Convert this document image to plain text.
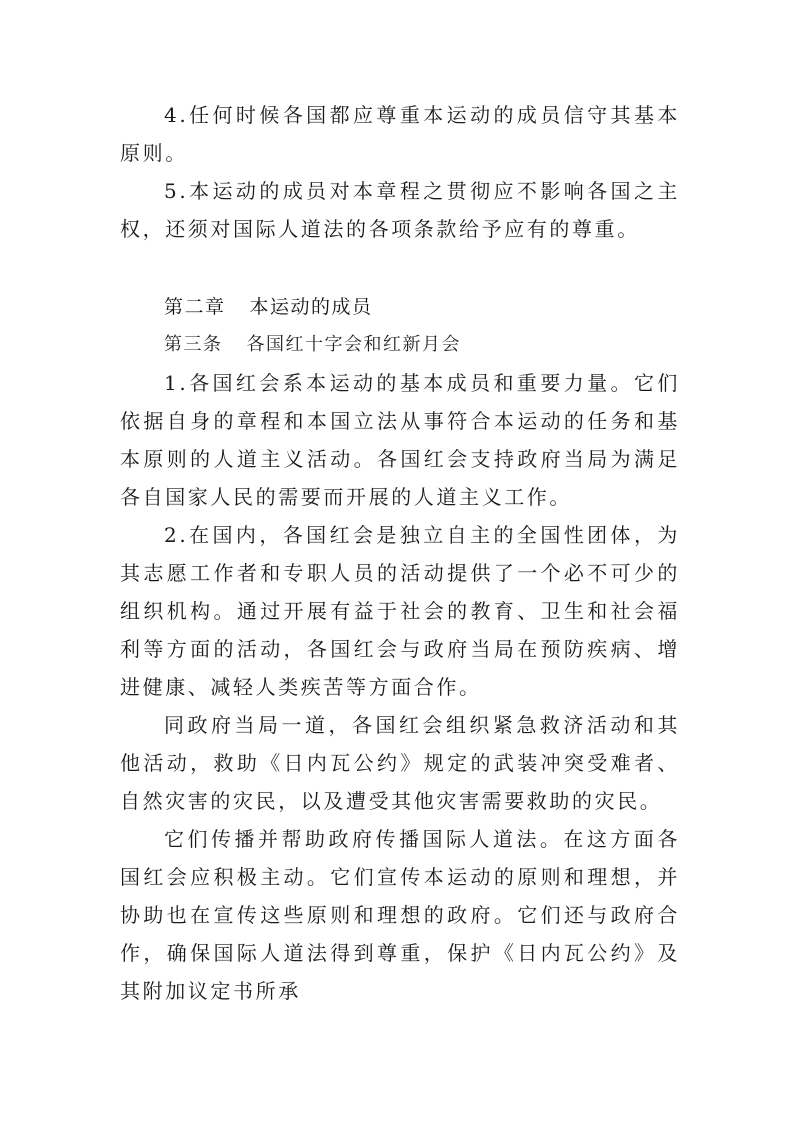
4.任何时候各国都应尊重本运动的成员信守其基本原则。

5.本运动的成员对本章程之贯彻应不影响各国之主权，还须对国际人道法的各项条款给予应有的尊重。

第二章 本运动的成员

第三条 各国红十字会和红新月会

1.各国红会系本运动的基本成员和重要力量。它们依据自身的章程和本国立法从事符合本运动的任务和基本原则的人道主义活动。各国红会支持政府当局为满足各自国家人民的需要而开展的人道主义工作。

2.在国内，各国红会是独立自主的全国性团体，为其志愿工作者和专职人员的活动提供了一个必不可少的组织机构。通过开展有益于社会的教育、卫生和社会福利等方面的活动，各国红会与政府当局在预防疾病、增进健康、减轻人类疾苦等方面合作。

同政府当局一道，各国红会组织紧急救济活动和其他活动，救助《日内瓦公约》规定的武装冲突受难者、自然灾害的灾民，以及遭受其他灾害需要救助的灾民。

它们传播并帮助政府传播国际人道法。在这方面各国红会应积极主动。它们宣传本运动的原则和理想，并协助也在宣传这些原则和理想的政府。它们还与政府合作，确保国际人道法得到尊重，保护《日内瓦公约》及其附加议定书所承
